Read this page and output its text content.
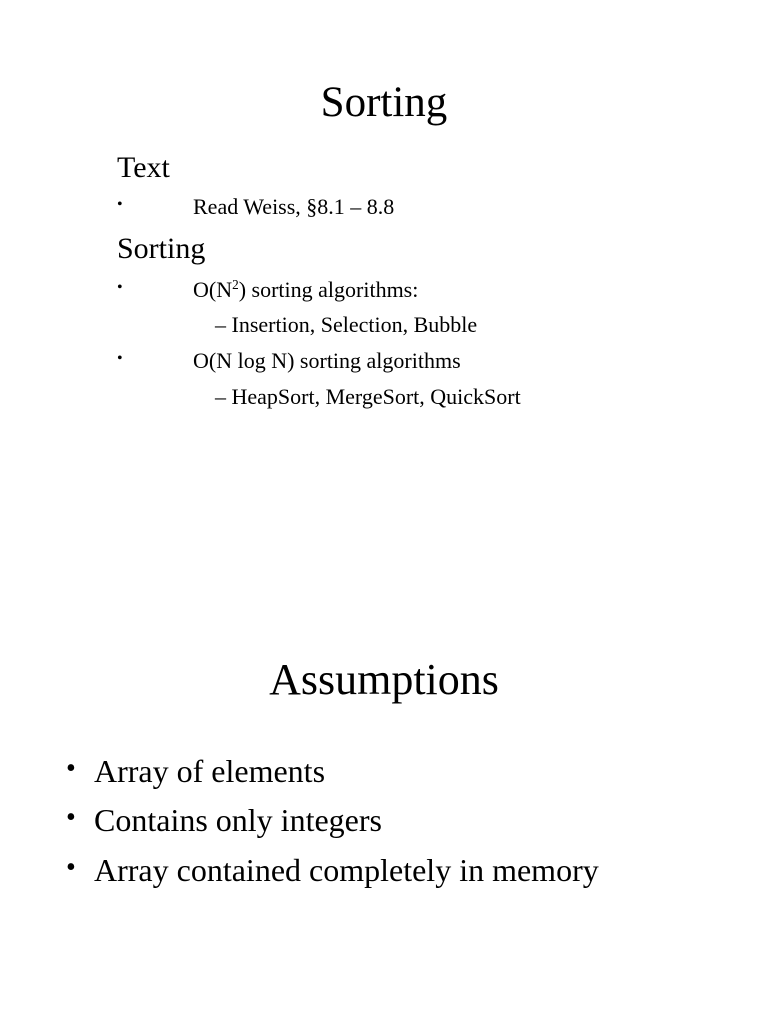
Sorting
Text
•	Read Weiss, §8.1 – 8.8
Sorting
•	$O(N^2)$ sorting algorithms:
– Insertion, Selection, Bubble
•	O(N log N) sorting algorithms
– HeapSort, MergeSort, QuickSort
Assumptions
• Array of elements
• Contains only integers
• Array contained completely in memory
